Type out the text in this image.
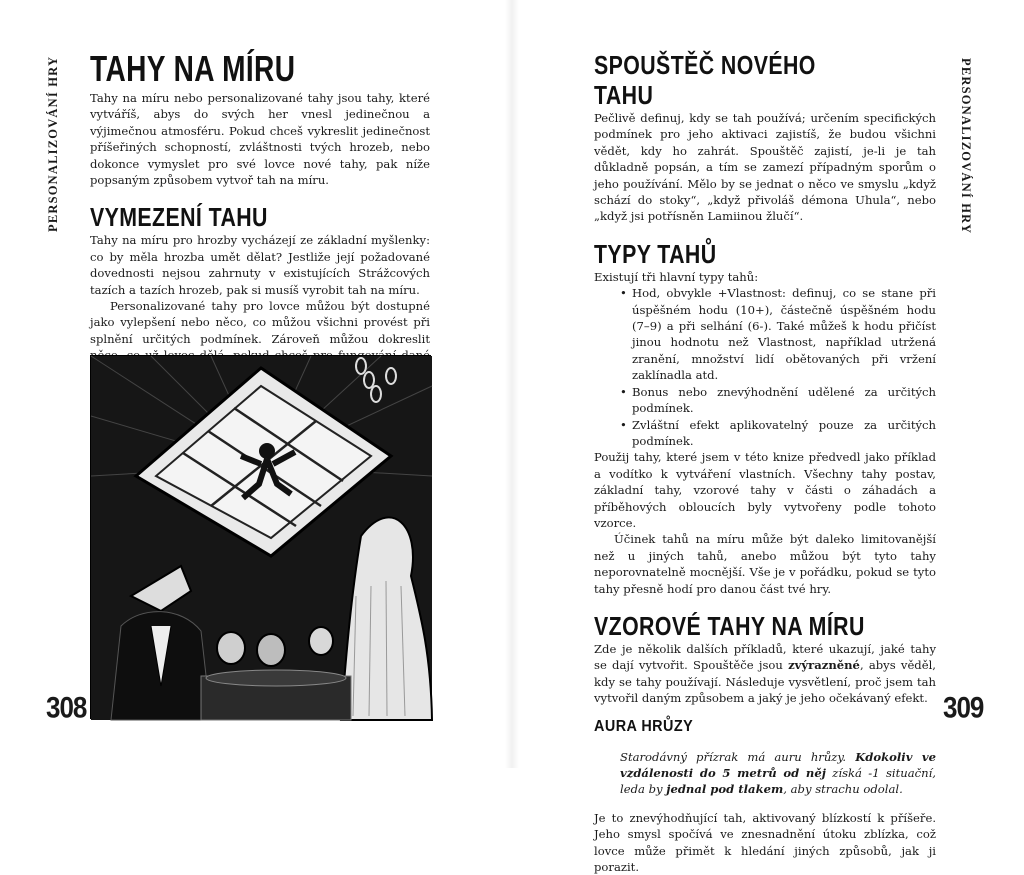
PERSONALIZOVÁNÍ HRY	PERSONALIZOVÁNÍ HRY
308	309
TAHY NA MÍRU

Tahy na míru nebo personalizované tahy jsou tahy, které vytváříš, abys do svých her vnesl jedinečnou a výjimečnou atmosféru. Pokud chceš vykreslit jedinečnost příšeřiných schopností, zvláštnosti tvých hrozeb, nebo dokonce vymyslet pro své lovce nové tahy, pak níže popsaným způsobem vytvoř tah na míru.

VYMEZENÍ TAHU

Tahy na míru pro hrozby vycházejí ze základní myšlenky: co by měla hrozba umět dělat? Jestliže její požadované dovednosti nejsou zahrnuty v existujících Strážcových tazích a tazích hrozeb, pak si musíš vyrobit tah na míru.

Personalizované tahy pro lovce můžou být dostupné jako vylepšení nebo něco, co můžou všichni provést při splnění určitých podmínek. Zároveň můžou dokreslit

SPOUŠTĚČ NOVÉHO TAHU

Pečlivě definuj, kdy se tah používá; určením specifických podmínek pro jeho aktivaci zajistíš, že budou všichni vědět, kdy ho zahrát. Spouštěč zajistí, je-li je tah důkladně popsán, a tím se zamezí případným sporům o jeho používání. Mělo by se jednat o něco ve smyslu „když schází do stoky“, „když přivoláš démona Uhula“, nebo „když jsi potřísněn Lamiinou žlučí“.

TYPY TAHŮ

Existují tři hlavní typy tahů:

• Hod, obvykle +Vlastnost: definuj, co se stane při úspěšném hodu (10+), částečně úspěšném hodu (7–9) a při selhání (6-). Také můžeš k hodu přičíst jinou hodnotu než Vlastnost, například utržená zranění, množství lidí obětovaných při vržení zaklínadla atd.
• Bonus nebo znevýhodnění udělené za určitých podmínek.
• Zvláštní efekt aplikovatelný pouze za určitých podmínek.

Použij tahy, které jsem v této knize předvedl jako příklad a vodítko k vytváření vlastních. Všechny tahy postav, základní tahy, vzorové tahy v části o záhadách a příběhových obloucích byly vytvořeny podle tohoto vzorce.

Účinek tahů na míru může být daleko limitovanější než u jiných tahů, anebo můžou být tyto tahy neporovnatelně mocnější. Vše je v pořádku, pokud se tyto tahy přesně hodí pro danou část tvé hry.

VZOROVÉ TAHY NA MÍRU

Zde je několik dalších příkladů, které ukazují, jaké tahy se dají vytvořit. Spouštěče jsou zvýrazněné, abys věděl, kdy se tahy používají. Následuje vysvětlení, proč jsem tah vytvořil daným způsobem a jaký je jeho očekávaný efekt.

AURA HRŮZY

Starodávný přízrak má auru hrůzy. Kdokoliv ve vzdálenosti do 5 metrů od něj získá -1 situační, leda by jednal pod tlakem, aby strachu odolal.

Je to znevýhodňující tah, aktivovaný blízkostí k příšeře. Jeho smysl spočívá ve znesnadnění útoku zblízka, což lovce může přimět k hledání jiných způsobů, jak ji porazit.
